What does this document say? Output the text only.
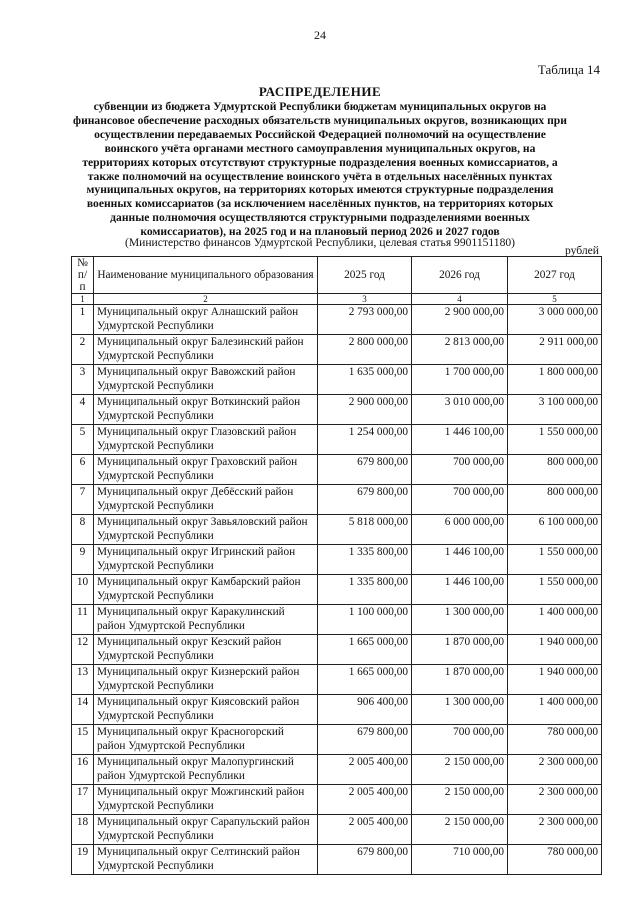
24
Таблица 14
РАСПРЕДЕЛЕНИЕ
субвенции из бюджета Удмуртской Республики бюджетам муниципальных округов на финансовое обеспечение расходных обязательств муниципальных округов, возникающих при осуществлении передаваемых Российской Федерацией полномочий на осуществление воинского учёта органами местного самоуправления муниципальных округов, на территориях которых отсутствуют структурные подразделения военных комиссариатов, а также полномочий на осуществление воинского учёта в отдельных населённых пунктах муниципальных округов, на территориях которых имеются структурные подразделения военных комиссариатов (за исключением населённых пунктов, на территориях которых данные полномочия осуществляются структурными подразделениями военных комиссариатов), на 2025 год и на плановый период 2026 и 2027 годов
(Министерство финансов Удмуртской Республики, целевая статья 9901151180)
рублей
№ п/п	Наименование муниципального образования	2025 год	2026 год	2027 год
1	2	3	4	5
1	Муниципальный округ Алнашский район Удмуртской Республики	2 793 000,00	2 900 000,00	3 000 000,00
2	Муниципальный округ Балезинский район Удмуртской Республики	2 800 000,00	2 813 000,00	2 911 000,00
3	Муниципальный округ Вавожский район Удмуртской Республики	1 635 000,00	1 700 000,00	1 800 000,00
4	Муниципальный округ Воткинский район Удмуртской Республики	2 900 000,00	3 010 000,00	3 100 000,00
5	Муниципальный округ Глазовский район Удмуртской Республики	1 254 000,00	1 446 100,00	1 550 000,00
6	Муниципальный округ Граховский район Удмуртской Республики	679 800,00	700 000,00	800 000,00
7	Муниципальный округ Дебёсский район Удмуртской Республики	679 800,00	700 000,00	800 000,00
8	Муниципальный округ Завьяловский район Удмуртской Республики	5 818 000,00	6 000 000,00	6 100 000,00
9	Муниципальный округ Игринский район Удмуртской Республики	1 335 800,00	1 446 100,00	1 550 000,00
10	Муниципальный округ Камбарский район Удмуртской Республики	1 335 800,00	1 446 100,00	1 550 000,00
11	Муниципальный округ Каракулинский район Удмуртской Республики	1 100 000,00	1 300 000,00	1 400 000,00
12	Муниципальный округ Кезский район Удмуртской Республики	1 665 000,00	1 870 000,00	1 940 000,00
13	Муниципальный округ Кизнерский район Удмуртской Республики	1 665 000,00	1 870 000,00	1 940 000,00
14	Муниципальный округ Киясовский район Удмуртской Республики	906 400,00	1 300 000,00	1 400 000,00
15	Муниципальный округ Красногорский район Удмуртской Республики	679 800,00	700 000,00	780 000,00
16	Муниципальный округ Малопургинский район Удмуртской Республики	2 005 400,00	2 150 000,00	2 300 000,00
17	Муниципальный округ Можгинский район Удмуртской Республики	2 005 400,00	2 150 000,00	2 300 000,00
18	Муниципальный округ Сарапульский район Удмуртской Республики	2 005 400,00	2 150 000,00	2 300 000,00
19	Муниципальный округ Селтинский район Удмуртской Республики	679 800,00	710 000,00	780 000,00
